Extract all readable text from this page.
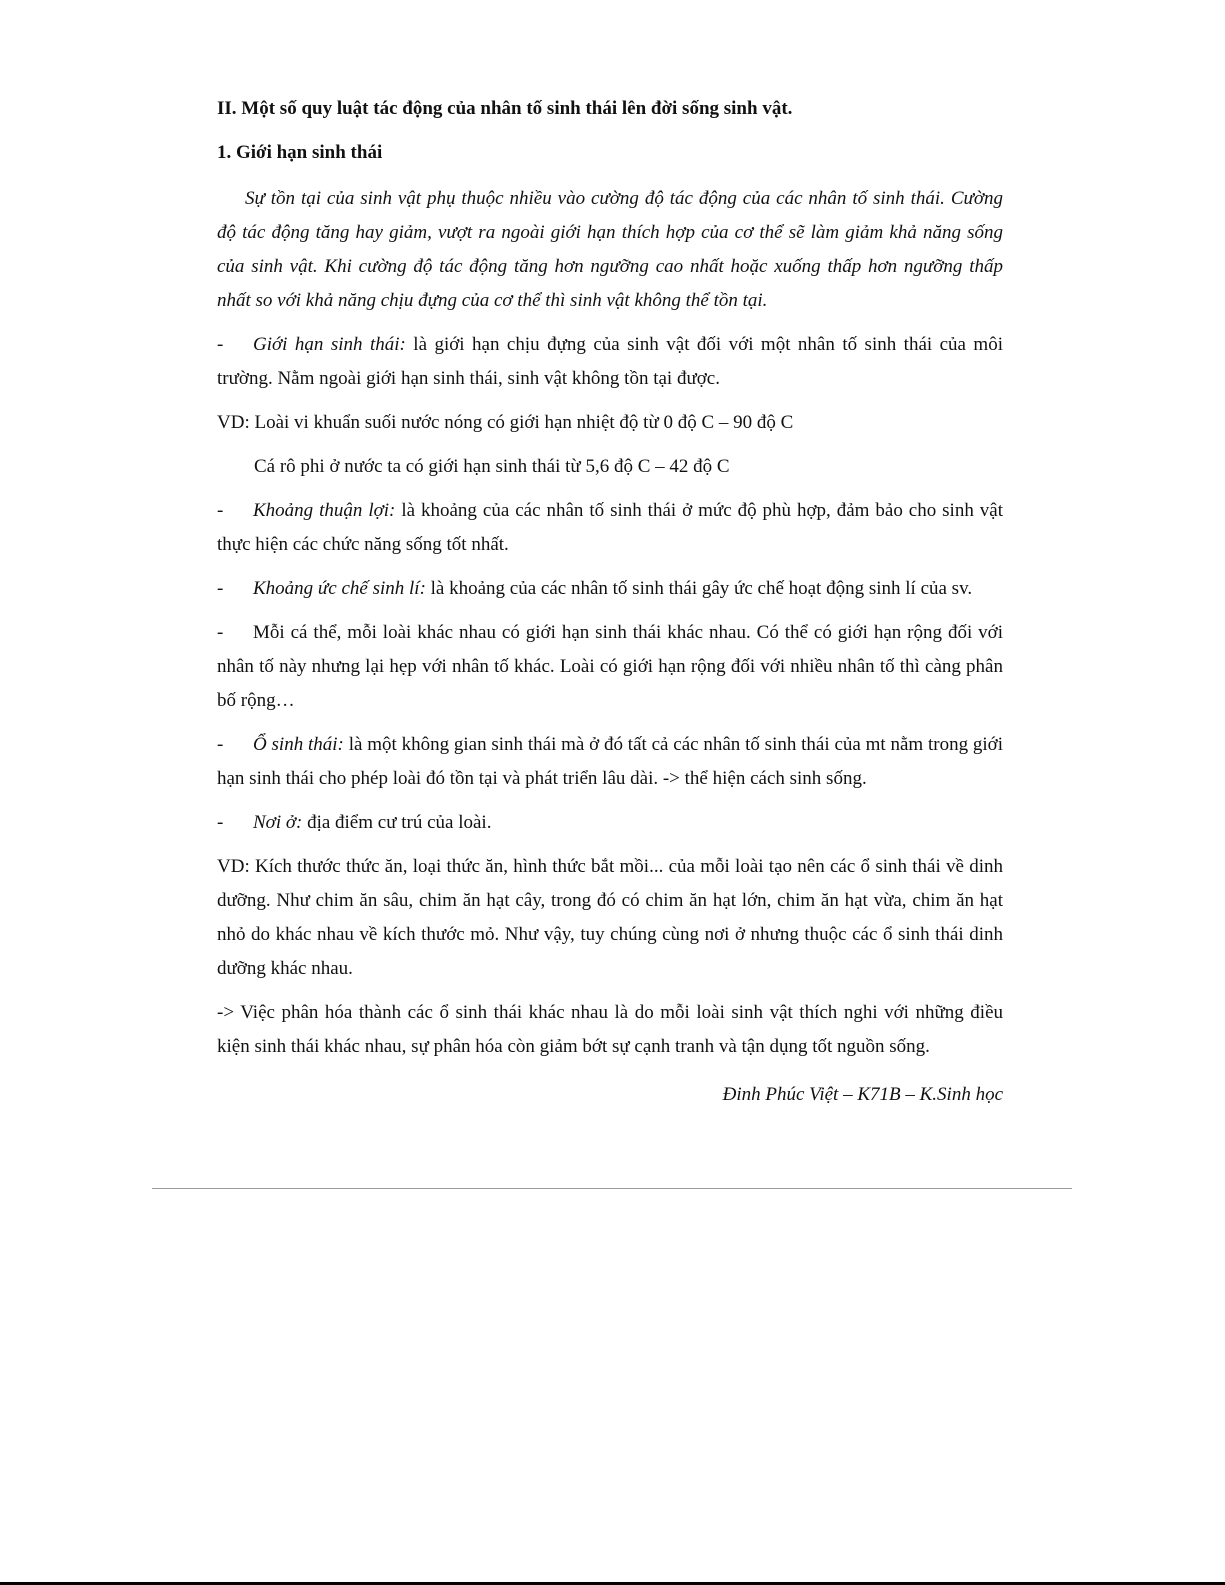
II. Một số quy luật tác động của nhân tố sinh thái lên đời sống sinh vật.
1. Giới hạn sinh thái

Sự tồn tại của sinh vật phụ thuộc nhiều vào cường độ tác động của các nhân tố sinh thái. Cường độ tác động tăng hay giảm, vượt ra ngoài giới hạn thích hợp của cơ thể sẽ làm giảm khả năng sống của sinh vật. Khi cường độ tác động tăng hơn ngưỡng cao nhất hoặc xuống thấp hơn ngưỡng thấp nhất so với khả năng chịu đựng của cơ thể thì sinh vật không thể tồn tại.

- Giới hạn sinh thái: là giới hạn chịu đựng của sinh vật đối với một nhân tố sinh thái của môi trường. Nằm ngoài giới hạn sinh thái, sinh vật không tồn tại được.

VD: Loài vi khuẩn suối nước nóng có giới hạn nhiệt độ từ 0 độ C – 90 độ C

Cá rô phi ở nước ta có giới hạn sinh thái từ 5,6 độ C – 42 độ C

- Khoảng thuận lợi: là khoảng của các nhân tố sinh thái ở mức độ phù hợp, đảm bảo cho sinh vật thực hiện các chức năng sống tốt nhất.

- Khoảng ức chế sinh lí: là khoảng của các nhân tố sinh thái gây ức chế hoạt động sinh lí của sv.

- Mỗi cá thể, mỗi loài khác nhau có giới hạn sinh thái khác nhau. Có thể có giới hạn rộng đối với nhân tố này nhưng lại hẹp với nhân tố khác. Loài có giới hạn rộng đối với nhiều nhân tố thì càng phân bố rộng…

- Ổ sinh thái: là một không gian sinh thái mà ở đó tất cả các nhân tố sinh thái của mt nằm trong giới hạn sinh thái cho phép loài đó tồn tại và phát triển lâu dài. -> thể hiện cách sinh sống.

- Nơi ở: địa điểm cư trú của loài.

VD: Kích thước thức ăn, loại thức ăn, hình thức bắt mồi... của mỗi loài tạo nên các ổ sinh thái về dinh dưỡng. Như chim ăn sâu, chim ăn hạt cây, trong đó có chim ăn hạt lớn, chim ăn hạt vừa, chim ăn hạt nhỏ do khác nhau về kích thước mỏ. Như vậy, tuy chúng cùng nơi ở nhưng thuộc các ổ sinh thái dinh dưỡng khác nhau.

-> Việc phân hóa thành các ổ sinh thái khác nhau là do mỗi loài sinh vật thích nghi với những điều kiện sinh thái khác nhau, sự phân hóa còn giảm bớt sự cạnh tranh và tận dụng tốt nguồn sống.

Đinh Phúc Việt – K71B – K.Sinh học
